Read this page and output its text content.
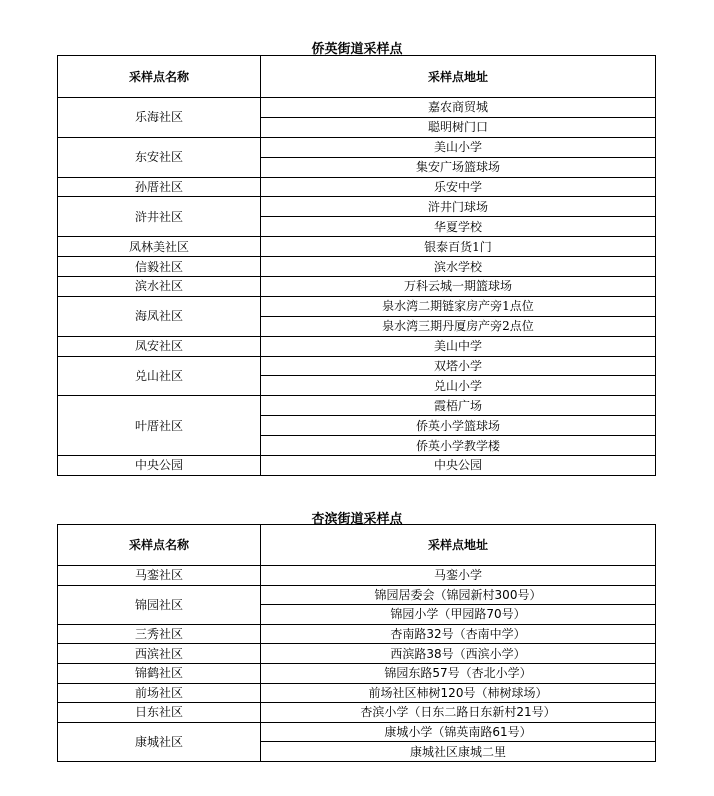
侨英街道采样点
采样点名称	采样点地址
乐海社区	嘉农商贸城
	聪明树门口
东安社区	美山小学
	集安广场篮球场
孙厝社区	乐安中学
浒井社区	浒井门球场
	华夏学校
凤林美社区	银泰百货1门
信毅社区	滨水学校
滨水社区	万科云城一期篮球场
海凤社区	泉水湾二期链家房产旁1点位
	泉水湾三期丹厦房产旁2点位
凤安社区	美山中学
兑山社区	双塔小学
	兑山小学
叶厝社区	霞梧广场
	侨英小学篮球场
	侨英小学教学楼
中央公园	中央公园
杏滨街道采样点
采样点名称	采样点地址
马銮社区	马銮小学
锦园社区	锦园居委会（锦园新村300号）
	锦园小学（甲园路70号）
三秀社区	杏南路32号（杏南中学）
西滨社区	西滨路38号（西滨小学）
锦鹤社区	锦园东路57号（杏北小学）
前场社区	前场社区柿树120号（柿树球场）
日东社区	杏滨小学（日东二路日东新村21号）
康城社区	康城小学（锦英南路61号）
	康城社区康城二里
